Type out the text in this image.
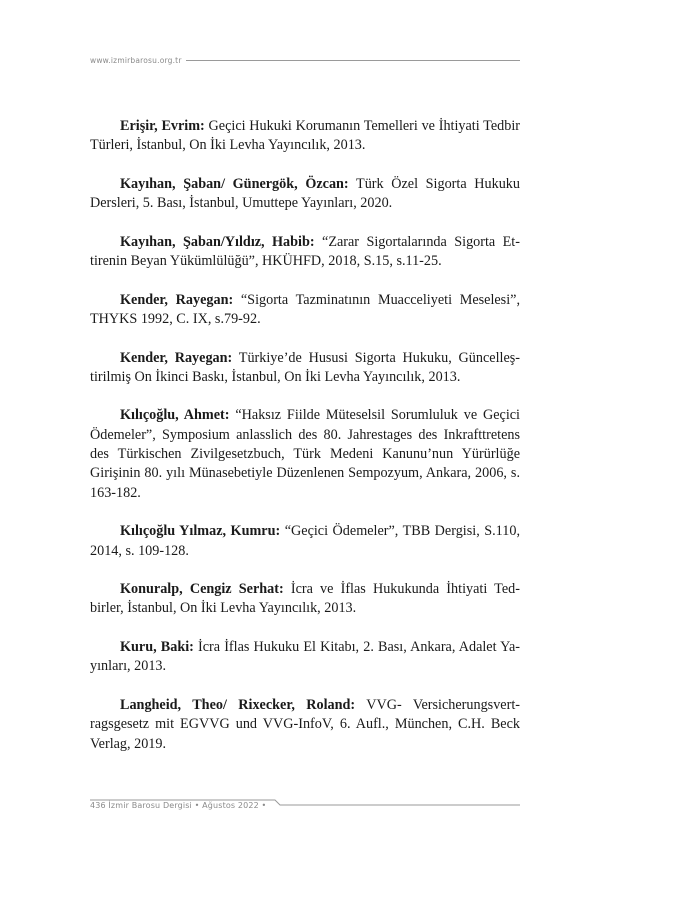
www.izmirbarosu.org.tr

Erişir, Evrim: Geçici Hukuki Korumanın Temelleri ve İhtiyati Tedbir Türleri, İstanbul, On İki Levha Yayıncılık, 2013.

Kayıhan, Şaban/ Günergök, Özcan: Türk Özel Sigorta Hukuku Dersleri, 5. Bası, İstanbul, Umuttepe Yayınları, 2020.

Kayıhan, Şaban/Yıldız, Habib: “Zarar Sigortalarında Sigorta Ettirenin Beyan Yükümlülüğü”, HKÜHFD, 2018, S.15, s.11-25.

Kender, Rayegan: “Sigorta Tazminatının Muacceliyeti Meselesi”, THYKS 1992, C. IX, s.79-92.

Kender, Rayegan: Türkiye’de Hususi Sigorta Hukuku, Güncelleştirilmiş On İkinci Baskı, İstanbul, On İki Levha Yayıncılık, 2013.

Kılıçoğlu, Ahmet: “Haksız Fiilde Müteselsil Sorumluluk ve Geçici Ödemeler”, Symposium anlasslich des 80. Jahrestages des Inkrafttretens des Türkischen Zivilgesetzbuch, Türk Medeni Kanunu’nun Yürürlüğe Girişinin 80. yılı Münasebetiyle Düzenlenen Sempozyum, Ankara, 2006, s. 163-182.

Kılıçoğlu Yılmaz, Kumru: “Geçici Ödemeler”, TBB Dergisi, S.110, 2014, s. 109-128.

Konuralp, Cengiz Serhat: İcra ve İflas Hukukunda İhtiyati Tedbirler, İstanbul, On İki Levha Yayıncılık, 2013.

Kuru, Baki: İcra İflas Hukuku El Kitabı, 2. Bası, Ankara, Adalet Yayınları, 2013.

Langheid, Theo/ Rixecker, Roland: VVG- Versicherungsvertragsgesetz mit EGVVG und VVG-InfoV, 6. Aufl., München, C.H. Beck Verlag, 2019.

436 İzmir Barosu Dergisi • Ağustos 2022 •
